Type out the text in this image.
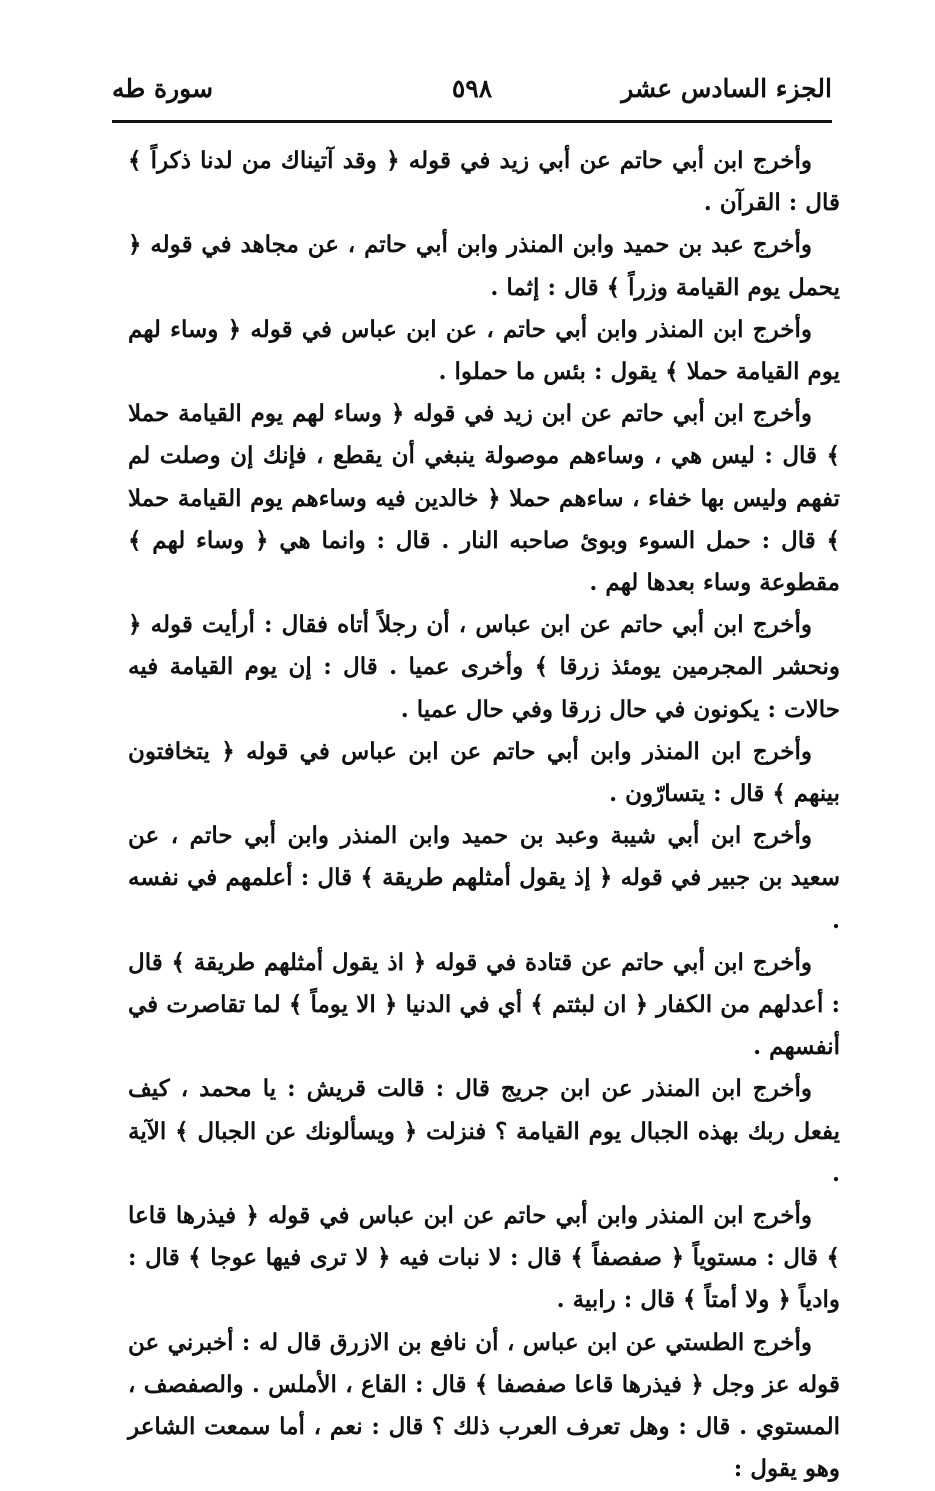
الجزء السادس عشر
٥٩٨
سورة طه

وأخرج ابن أبي حاتم عن أبي زيد في قوله ﴿ وقد آتيناك من لدنا ذكراً ﴾ قال : القرآن .

وأخرج عبد بن حميد وابن المنذر وابن أبي حاتم ، عن مجاهد في قوله ﴿ يحمل يوم القيامة وزراً ﴾ قال : إثما .

وأخرج ابن المنذر وابن أبي حاتم ، عن ابن عباس في قوله ﴿ وساء لهم يوم القيامة حملا ﴾ يقول : بئس ما حملوا .

وأخرج ابن أبي حاتم عن ابن زيد في قوله ﴿ وساء لهم يوم القيامة حملا ﴾ قال : ليس هي ، وساءهم موصولة ينبغي أن يقطع ، فإنك إن وصلت لم تفهم وليس بها خفاء ، ساءهم حملا ﴿ خالدين فيه وساءهم يوم القيامة حملا ﴾ قال : حمل السوء وبوئ صاحبه النار . قال : وانما هي ﴿ وساء لهم ﴾ مقطوعة وساء بعدها لهم .

وأخرج ابن أبي حاتم عن ابن عباس ، أن رجلاً أتاه فقال : أرأيت قوله ﴿ ونحشر المجرمين يومئذ زرقا ﴾ وأخرى عميا . قال : إن يوم القيامة فيه حالات : يكونون في حال زرقا وفي حال عميا .

وأخرج ابن المنذر وابن أبي حاتم عن ابن عباس في قوله ﴿ يتخافتون بينهم ﴾ قال : يتسارّون .

وأخرج ابن أبي شيبة وعبد بن حميد وابن المنذر وابن أبي حاتم ، عن سعيد بن جبير في قوله ﴿ إذ يقول أمثلهم طريقة ﴾ قال : أعلمهم في نفسه .

وأخرج ابن أبي حاتم عن قتادة في قوله ﴿ اذ يقول أمثلهم طريقة ﴾ قال : أعدلهم من الكفار ﴿ ان لبثتم ﴾ أي في الدنيا ﴿ الا يوماً ﴾ لما تقاصرت في أنفسهم .

وأخرج ابن المنذر عن ابن جريج قال : قالت قريش : يا محمد ، كيف يفعل ربك بهذه الجبال يوم القيامة ؟ فنزلت ﴿ ويسألونك عن الجبال ﴾ الآية .

وأخرج ابن المنذر وابن أبي حاتم عن ابن عباس في قوله ﴿ فيذرها قاعا ﴾ قال : مستوياً ﴿ صفصفاً ﴾ قال : لا نبات فيه ﴿ لا ترى فيها عوجا ﴾ قال : وادياً ﴿ ولا أمتاً ﴾ قال : رابية .

وأخرج الطستي عن ابن عباس ، أن نافع بن الازرق قال له : أخبرني عن قوله عز وجل ﴿ فيذرها قاعا صفصفا ﴾ قال : القاع ، الأملس . والصفصف ، المستوي . قال : وهل تعرف العرب ذلك ؟ قال : نعم ، أما سمعت الشاعر وهو يقول :
